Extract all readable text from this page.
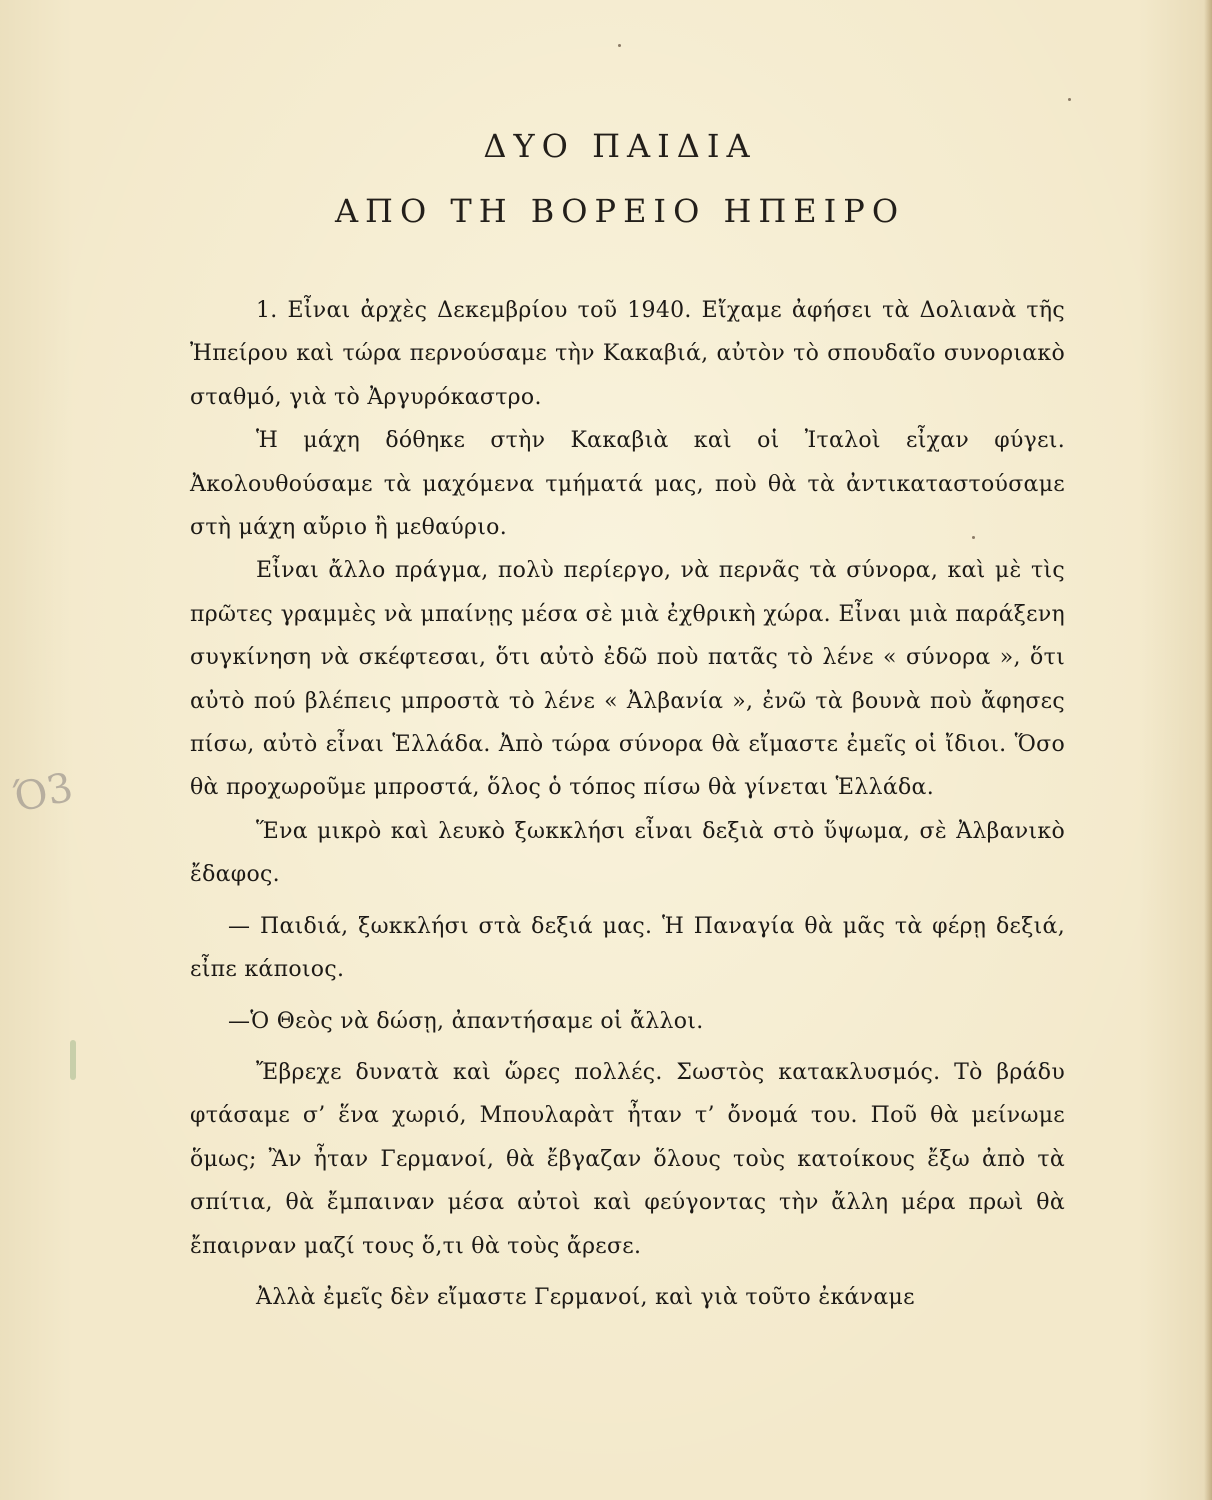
ΔΥΟ ΠΑΙΔΙΑ
ΑΠΟ ΤΗ ΒΟΡΕΙΟ ΗΠΕΙΡΟ

1. Εἶναι ἀρχὲς Δεκεμβρίου τοῦ 1940. Εἴχαμε ἀφήσει τὰ Δολιανὰ τῆς Ἠπείρου καὶ τώρα περνούσαμε τὴν Κακαβιά, αὐτὸν τὸ σπουδαῖο συνοριακὸ σταθμό, γιὰ τὸ Ἀργυρόκαστρο.

Ἡ μάχη δόθηκε στὴν Κακαβιὰ καὶ οἱ Ἰταλοὶ εἶχαν φύγει. Ἀκολουθούσαμε τὰ μαχόμενα τμήματά μας, ποὺ θὰ τὰ ἀντικαταστούσαμε στὴ μάχη αὔριο ἢ μεθαύριο.

Εἶναι ἄλλο πράγμα, πολὺ περίεργο, νὰ περνᾶς τὰ σύνορα, καὶ μὲ τὶς πρῶτες γραμμὲς νὰ μπαίνῃς μέσα σὲ μιὰ ἐχθρικὴ χώρα. Εἶναι μιὰ παράξενη συγκίνηση νὰ σκέφτεσαι, ὅτι αὐτὸ ἐδῶ ποὺ πατᾶς τὸ λένε « σύνορα », ὅτι αὐτὸ πού βλέπεις μπροστὰ τὸ λένε « Ἀλβανία », ἐνῶ τὰ βουνὰ ποὺ ἄφησες πίσω, αὐτὸ εἶναι Ἑλλάδα. Ἀπὸ τώρα σύνορα θὰ εἴμαστε ἐμεῖς οἱ ἴδιοι. Ὅσο θὰ προχωροῦμε μπροστά, ὅλος ὁ τόπος πίσω θὰ γίνεται Ἑλλάδα.

Ἕνα μικρὸ καὶ λευκὸ ξωκκλήσι εἶναι δεξιὰ στὸ ὕψωμα, σὲ Ἀλβανικὸ ἔδαφος.

— Παιδιά, ξωκκλήσι στὰ δεξιά μας. Ἡ Παναγία θὰ μᾶς τὰ φέρῃ δεξιά, εἶπε κάποιος.

—Ὁ Θεὸς νὰ δώσῃ, ἀπαντήσαμε οἱ ἄλλοι.

Ἔβρεχε δυνατὰ καὶ ὥρες πολλές. Σωστὸς κατακλυσμός. Τὸ βράδυ φτάσαμε σ’ ἕνα χωριό, Μπουλαρὰτ ἦταν τ’ ὄνομά του. Ποῦ θὰ μείνωμε ὅμως; Ἂν ἦταν Γερμανοί, θὰ ἔβγαζαν ὅλους τοὺς κατοίκους ἔξω ἀπὸ τὰ σπίτια, θὰ ἔμπαιναν μέσα αὐτοὶ καὶ φεύγοντας τὴν ἄλλη μέρα πρωὶ θὰ ἔπαιρναν μαζί τους ὅ,τι θὰ τοὺς ἄρεσε.

Ἀλλὰ ἐμεῖς δὲν εἴμαστε Γερμανοί, καὶ γιὰ τοῦτο ἐκάναμε

Ό3
